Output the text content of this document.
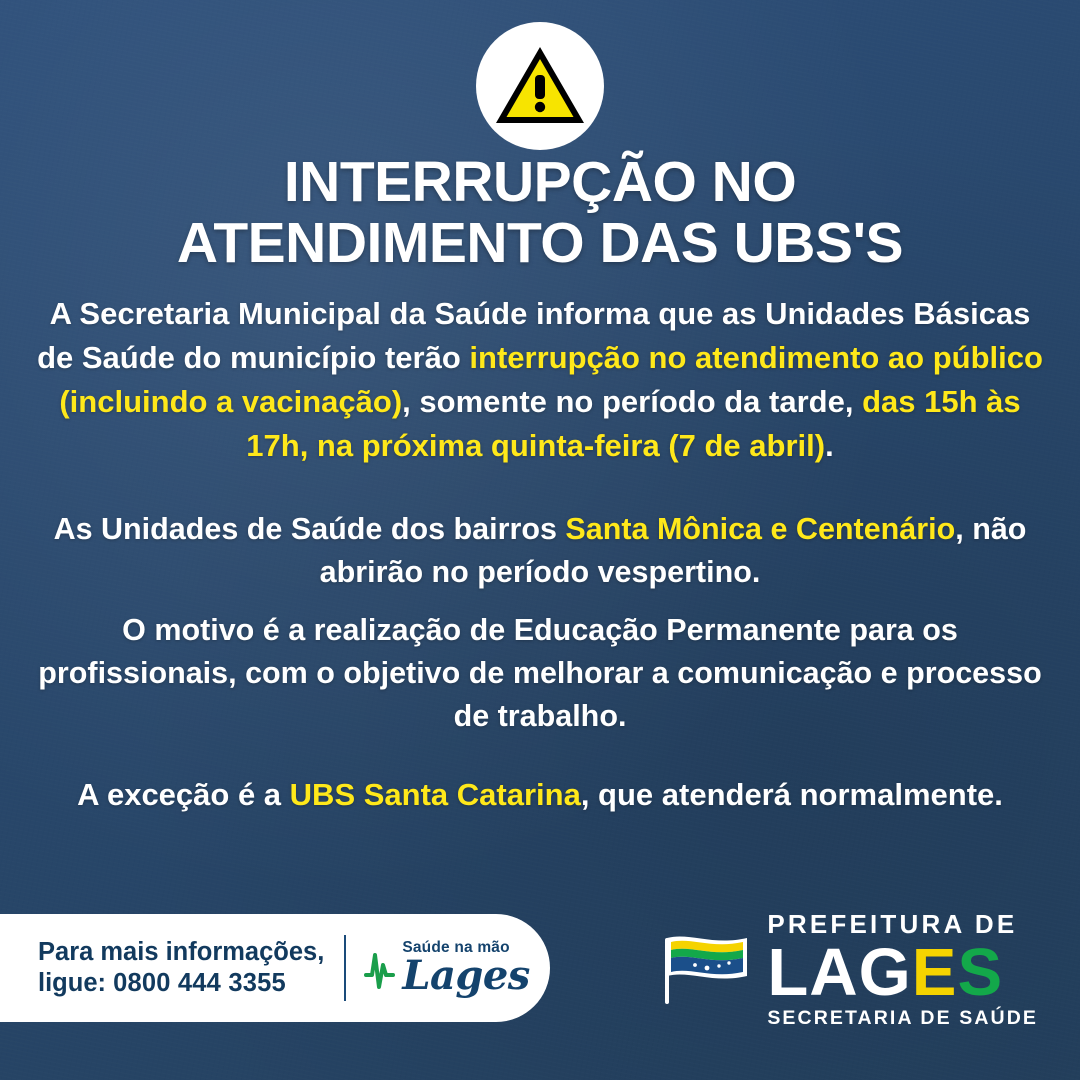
INTERRUPÇÃO NO
ATENDIMENTO DAS UBS'S

A Secretaria Municipal da Saúde informa que as Unidades Básicas de Saúde do município terão interrupção no atendimento ao público (incluindo a vacinação), somente no período da tarde, das 15h às 17h, na próxima quinta-feira (7 de abril).

As Unidades de Saúde dos bairros Santa Mônica e Centenário, não abrirão no período vespertino.

O motivo é a realização de Educação Permanente para os profissionais, com o objetivo de melhorar a comunicação e processo de trabalho.

A exceção é a UBS Santa Catarina, que atenderá normalmente.

Para mais informações,
ligue: 0800 444 3355
Saúde na mão
Lages
PREFEITURA DE
LAG E S
SECRETARIA DE SAÚDE
